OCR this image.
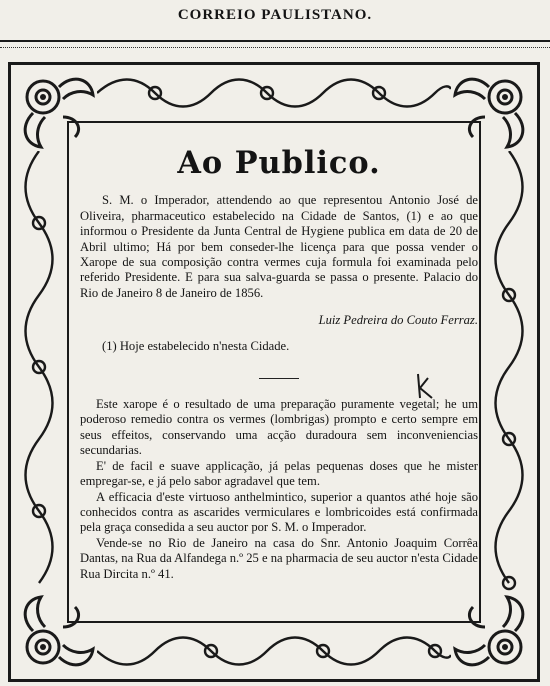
CORREIO PAULISTANO.
Ao Publico.

S. M. o Imperador, attendendo ao que representou Antonio José de Oliveira, pharmaceutico estabelecido na Cidade de Santos, (1) e ao que informou o Presidente da Junta Central de Hygiene publica em data de 20 de Abril ultimo; Há por bem conseder-lhe licença para que possa vender o Xarope de sua composição contra vermes cuja formula foi examinada pelo referido Presidente. E para sua salva-guarda se passa o presente. Palacio do Rio de Janeiro 8 de Janeiro de 1856.

Luiz Pedreira do Couto Ferraz.

(1) Hoje estabelecido n'nesta Cidade.

Este xarope é o resultado de uma preparação puramente vegetal; he um poderoso remedio contra os vermes (lombrigas) prompto e certo sempre em seus effeitos, conservando uma acção duradoura sem inconveniencias secundarias.

E' de facil e suave applicação, já pelas pequenas doses que he mister empregar-se, e já pelo sabor agradavel que tem.

A efficacia d'este virtuoso anthelmintico, superior a quantos athé hoje são conhecidos contra as ascarides vermiculares e lombricoides está confirmada pela graça consedida a seu auctor por S. M. o Imperador.

Vende-se no Rio de Janeiro na casa do Snr. Antonio Joaquim Corrêa Dantas, na Rua da Alfandega n.º 25 e na pharmacia de seu auctor n'esta Cidade Rua Dircita n.º 41.
